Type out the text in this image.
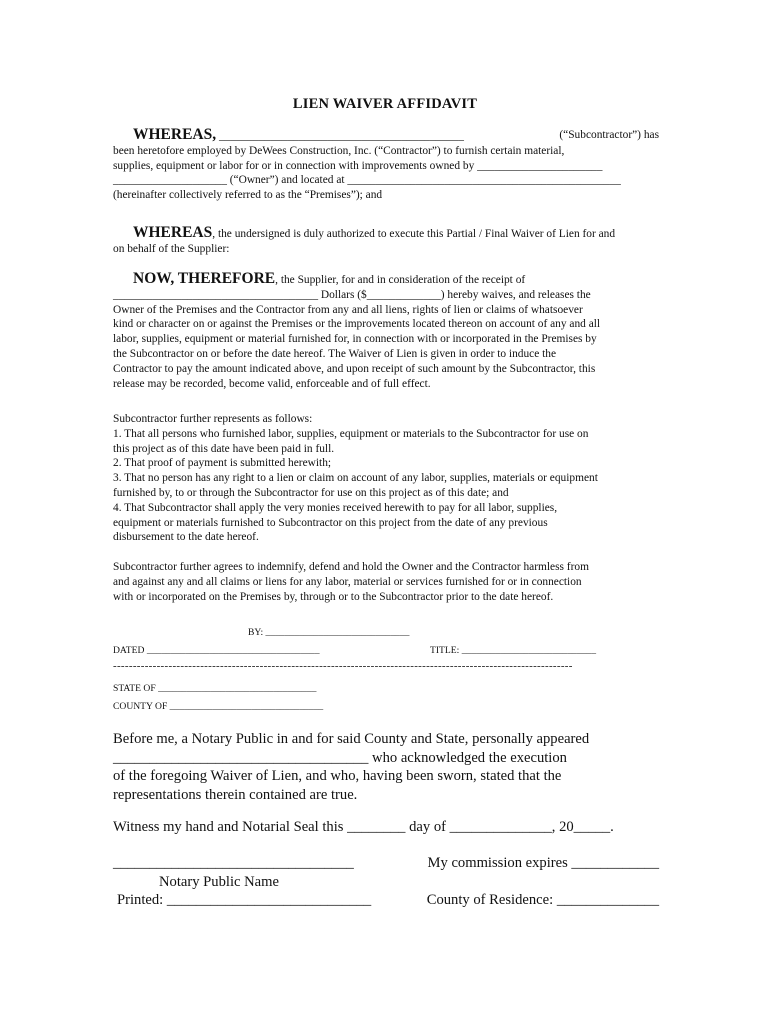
LIEN WAIVER AFFIDAVIT
WHEREAS, ___________________________________________	(“Subcontractor”) has

been heretofore employed by DeWees Construction, Inc. (“Contractor”) to furnish certain material,

supplies, equipment or labor for or in connection with improvements owned by ______________________

____________________ (“Owner”) and located at ________________________________________________

(hereinafter collectively referred to as the “Premises”); and

WHEREAS, the undersigned is duly authorized to execute this Partial / Final Waiver of Lien for and

on behalf of the Supplier:

NOW, THEREFORE, the Supplier, for and in consideration of the receipt of

____________________________________ Dollars ($_____________) hereby waives, and releases the

Owner of the Premises and the Contractor from any and all liens, rights of lien or claims of whatsoever

kind or character on or against the Premises or the improvements located thereon on account of any and all

labor, supplies, equipment or material furnished for, in connection with or incorporated in the Premises by

the Subcontractor on or before the date hereof. The Waiver of Lien is given in order to induce the

Contractor to pay the amount indicated above, and upon receipt of such amount by the Subcontractor, this

release may be recorded, become valid, enforceable and of full effect.

Subcontractor further represents as follows:

1. That all persons who furnished labor, supplies, equipment or materials to the Subcontractor for use on

this project as of this date have been paid in full.

2. That proof of payment is submitted herewith;

3. That no person has any right to a lien or claim on account of any labor, supplies, materials or equipment

furnished by, to or through the Subcontractor for use on this project as of this date; and

4. That Subcontractor shall apply the very monies received herewith to pay for all labor, supplies,

equipment or materials furnished to Subcontractor on this project from the date of any previous

disbursement to the date hereof.

Subcontractor further agrees to indemnify, defend and hold the Owner and the Contractor harmless from

and against any and all claims or liens for any labor, material or services furnished for or in connection

with or incorporated on the Premises by, through or to the Subcontractor prior to the date hereof.

BY: ______________________________
DATED ____________________________________	TITLE: ____________________________
--------------------------------------------------------------------------------------------------------------------
STATE OF _________________________________
COUNTY OF ________________________________

Before me, a Notary Public in and for said County and State, personally appeared

___________________________________ who acknowledged the execution

of the foregoing Waiver of Lien, and who, having been sworn, stated that the

representations therein contained are true.

Witness my hand and Notarial Seal this ________ day of ______________, 20_____.
_________________________________	My commission expires ____________

Notary Public Name

Printed: ____________________________	County of Residence: ______________
